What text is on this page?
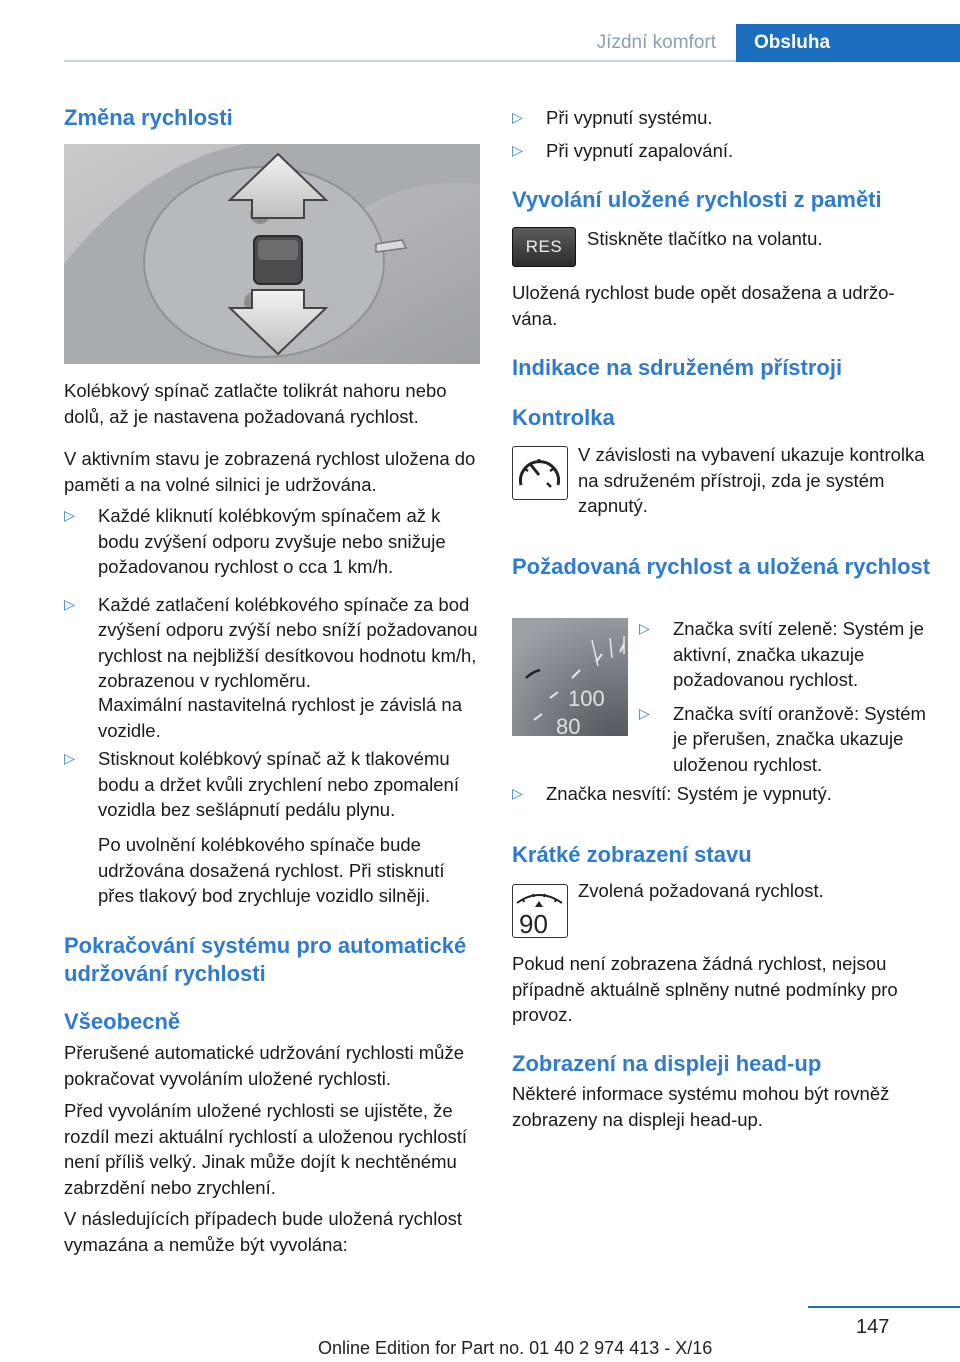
Jízdní komfort	Obsluha
Změna rychlosti

Kolébkový spínač zatlačte tolikrát nahoru nebo dolů, až je nastavena požadovaná rychlost.

V aktivním stavu je zobrazená rychlost uložena do paměti a na volné silnici je udržována.

▷ Každé kliknutí kolébkovým spínačem až k bodu zvýšení odporu zvyšuje nebo snižuje požadovanou rychlost o cca 1 km/h.
▷ Každé zatlačení kolébkového spínače za bod zvýšení odporu zvýší nebo sníží požadovanou rychlost na nejbližší desítkovou hodnotu km/h, zobrazenou v rychloměru.

Maximální nastavitelná rychlost je závislá na vozidle.

▷ Stisknout kolébkový spínač až k tlakovému bodu a držet kvůli zrychlení nebo zpomalení vozidla bez sešlápnutí pedálu plynu.

Po uvolnění kolébkového spínače bude udržována dosažená rychlost. Při stisknutí přes tlakový bod zrychluje vozidlo silněji.

Pokračování systému pro automatické udržování rychlosti
Všeobecně

Přerušené automatické udržování rychlosti může pokračovat vyvoláním uložené rychlosti.

Před vyvoláním uložené rychlosti se ujistěte, že rozdíl mezi aktuální rychlostí a uloženou rychlostí není příliš velký. Jinak může dojít k nechtěnému zabrzdění nebo zrychlení.

V následujících případech bude uložená rychlost vymazána a nemůže být vyvolána:

▷ Při vypnutí systému.
▷ Při vypnutí zapalování.
Vyvolání uložené rychlosti z paměti
RES	Stiskněte tlačítko na volantu.

Uložená rychlost bude opět dosažena a udržována.

Indikace na sdruženém přístroji
Kontrolka

V závislosti na vybavení ukazuje kontrolka na sdruženém přístroji, zda je systém zapnutý.

Požadovaná rychlost a uložená rychlost
100
80
▷ Značka svítí zeleně: Systém je aktivní, značka ukazuje požadovanou rychlost.
▷ Značka svítí oranžově: Systém je přerušen, značka ukazuje uloženou rychlost.
▷ Značka nesvítí: Systém je vypnutý.
Krátké zobrazení stavu
90

Zvolená požadovaná rychlost.

Pokud není zobrazena žádná rychlost, nejsou případně aktuálně splněny nutné podmínky pro provoz.

Zobrazení na displeji head-up

Některé informace systému mohou být rovněž zobrazeny na displeji head-up.

147
Online Edition for Part no. 01 40 2 974 413 - X/16
